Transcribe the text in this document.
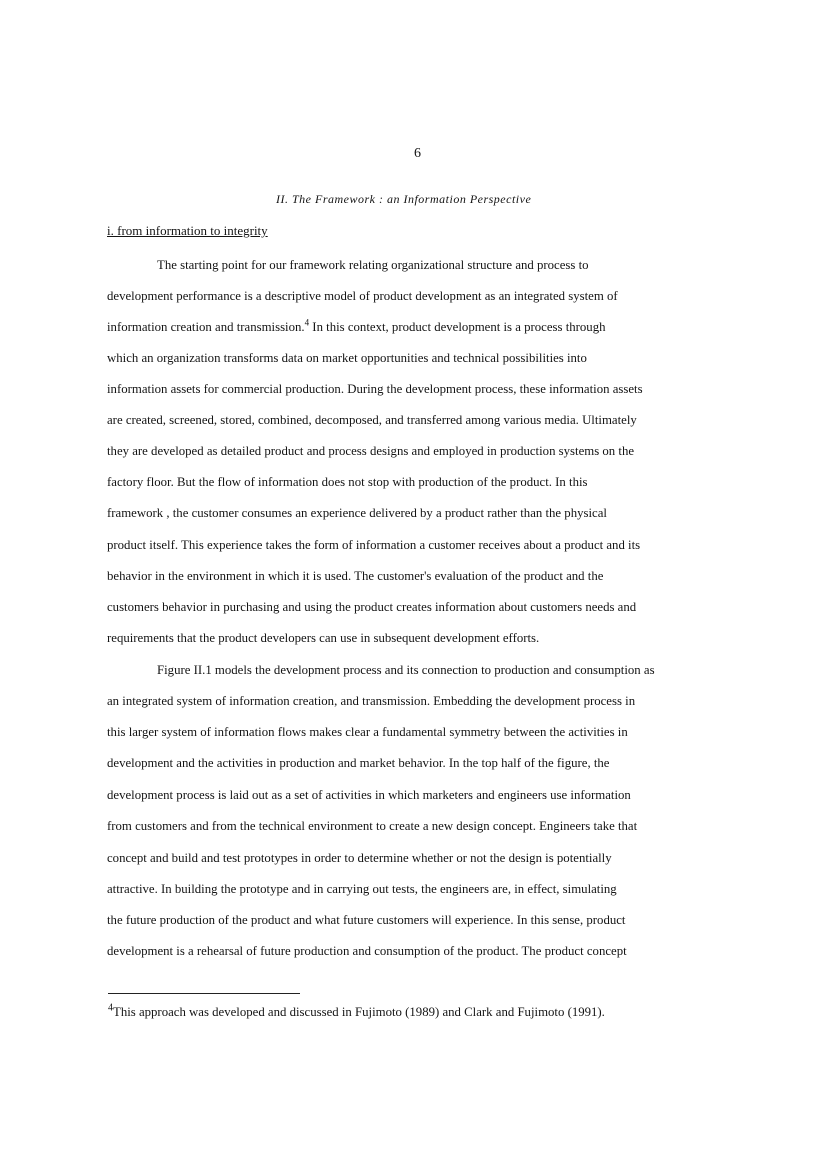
6
II. The Framework : an Information Perspective
i. from information to integrity
The starting point for our framework relating organizational structure and process to
development performance is a descriptive model of product development as an integrated system of
information creation and transmission.$^4$ In this context, product development is a process through
which an organization transforms data on market opportunities and technical possibilities into
information assets for commercial production. During the development process, these information assets
are created, screened, stored, combined, decomposed, and transferred among various media. Ultimately
they are developed as detailed product and process designs and employed in production systems on the
factory floor. But the flow of information does not stop with production of the product. In this
framework , the customer consumes an experience delivered by a product rather than the physical
product itself. This experience takes the form of information a customer receives about a product and its
behavior in the environment in which it is used. The customer's evaluation of the product and the
customers behavior in purchasing and using the product creates information about customers needs and
requirements that the product developers can use in subsequent development efforts.
Figure II.1 models the development process and its connection to production and consumption as
an integrated system of information creation, and transmission. Embedding the development process in
this larger system of information flows makes clear a fundamental symmetry between the activities in
development and the activities in production and market behavior. In the top half of the figure, the
development process is laid out as a set of activities in which marketers and engineers use information
from customers and from the technical environment to create a new design concept. Engineers take that
concept and build and test prototypes in order to determine whether or not the design is potentially
attractive. In building the prototype and in carrying out tests, the engineers are, in effect, simulating
the future production of the product and what future customers will experience. In this sense, product
development is a rehearsal of future production and consumption of the product. The product concept
$^4$This approach was developed and discussed in Fujimoto (1989) and Clark and Fujimoto (1991).
